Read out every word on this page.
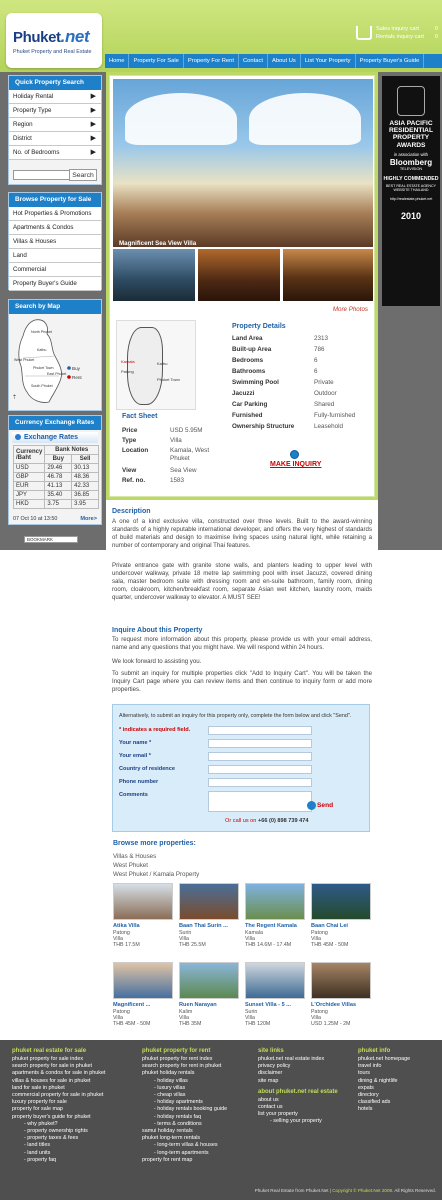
Phuket.net
Phuket Property and Real Estate
Sales inquiry cart	0
Rentals inquiry cart 0
Home	Property For Sale	Property For Rent	Contact	About Us	List Your Property	Property Buyer's Guide
Quick Property Search
Holiday Rental	▶
Property Type	▶
Region	▶
District	▶
No. of Bedrooms	▶
Search
Browse Property for Sale
Hot Properties & Promotions
Apartments & Condos
Villas & Houses
Land
Commercial
Property Buyer's Guide
Search by Map
Buy
Rent
North Phuket
Kathu
West Phuket
Phuket Town
East Phuket
South Phuket
⇡
Currency Exchange Rates
Exchange Rates
Currency /Baht	Bank Notes	
	Buy	Sell
USD	29.46	30.13
GBP	46.78	48.36
EUR	41.13	42.33
JPY	35.40	36.85
HKD	3.75	3.95
07 Oct 10 at 13:50	More>
BOOKMARK
Magnificent Sea View Villa
More Photos
Kamala
Patong
Kathu
Phuket Town
Fact Sheet
Price	USD 5.95M
Type	Villa
Location	Kamala, West Phuket
View	Sea View
Ref. no.	1583
Property Details
Land Area	2313
Built-up Area	786
Bedrooms	6
Bathrooms	6
Swimming Pool	Private
Jacuzzi	Outdoor
Car Parking	Shared
Furnished	Fully-furnished
Ownership Structure	Leasehold
MAKE INQUIRY
ASIA PACIFIC RESIDENTIAL PROPERTY AWARDS
in association with
Bloomberg
TELEVISION
HIGHLY COMMENDED
BEST REAL ESTATE AGENCY WEBSITE THAILAND
http://realestate.phuket.net
2010
Description
A one of a kind exclusive villa, constructed over three levels. Built to the award-winning standards of a highly reputable international developer, and offers the very highest of standards of build materials and design to maximise living spaces using natural light, while retaining a number of contemporary and original Thai features.
Private entrance gate with granite stone walls, and planters leading to upper level with undercover walkway, private 18 metre lap swimming pool with inset Jacuzzi, covered dining sala, master bedroom suite with dressing room and en-suite bathroom, family room, dining room, cloakroom, kitchen/breakfast room, separate Asian wet kitchen, laundry room, maids quarter, undercover walkway to elevator. A MUST SEE!
Inquire About this Property
To request more information about this property, please provide us with your email address, name and any questions that you might have. We will respond within 24 hours.
We look forward to assisting you.
To submit an inquiry for multiple properties click "Add to Inquiry Cart". You will be taken the Inquiry Cart page where you can review items and then continue to inquiry form or add more properties.
Alternatively, to submit an inquiry for this property only, complete the form below and click "Send".
* indicates a required field.
Your name *
Your email *
Country of residence
Phone number
Comments
Send
Or call us on +66 (0) 898 739 474
Browse more properties:
Villas & Houses
West Phuket
West Phuket / Kamala Property
Atika Villa
Patong
Villa
THB 17.5M
Baan Thai Surin ...
Surin
Villa
THB 25.5M
The Regent Kamala
Kamala
Villa
THB 14.6M - 17.4M
Baan Chai Lei
Patong
Villa
THB 45M - 50M
Magnificent ...
Patong
Villa
THB 45M - 50M
Ruen Narayan
Kalim
Villa
THB 35M
Sunset Villa - 5 ...
Surin
Villa
THB 120M
L'Orchidee Villas
Patong
Villa
USD 1.25M - 2M
phuket real estate for sale
phuket property for sale index
search property for sale in phuket
apartments & condos for sale in phuket
villas & houses for sale in phuket
land for sale in phuket
commercial property for sale in phuket
luxury property for sale
property for sale map
property buyer's guide for phuket
- why phuket?
- property ownership rights
- property taxes & fees
- land titles
- land units
- property faq
phuket property for rent
phuket property for rent index
search property for rent in phuket
phuket holiday rentals
- holiday villas
- luxury villas
- cheap villas
- holiday apartments
- holiday rentals booking guide
- holiday rentals faq
- terms & conditions
samui holiday rentals
phuket long-term rentals
- long-term villas & houses
- long-term apartments
property for rent map
site links
phuket.net real estate index
privacy policy
disclaimer
site map
about phuket.net real estate
about us
contact us
list your property
- selling your property
phuket info
phuket.net homepage
travel info
tours
dining & nightlife
expats
directory
classified ads
hotels
Phuket Real Estate from Phuket.Net | Copyright © Phuket.Net 2009. All Rights Reserved.
